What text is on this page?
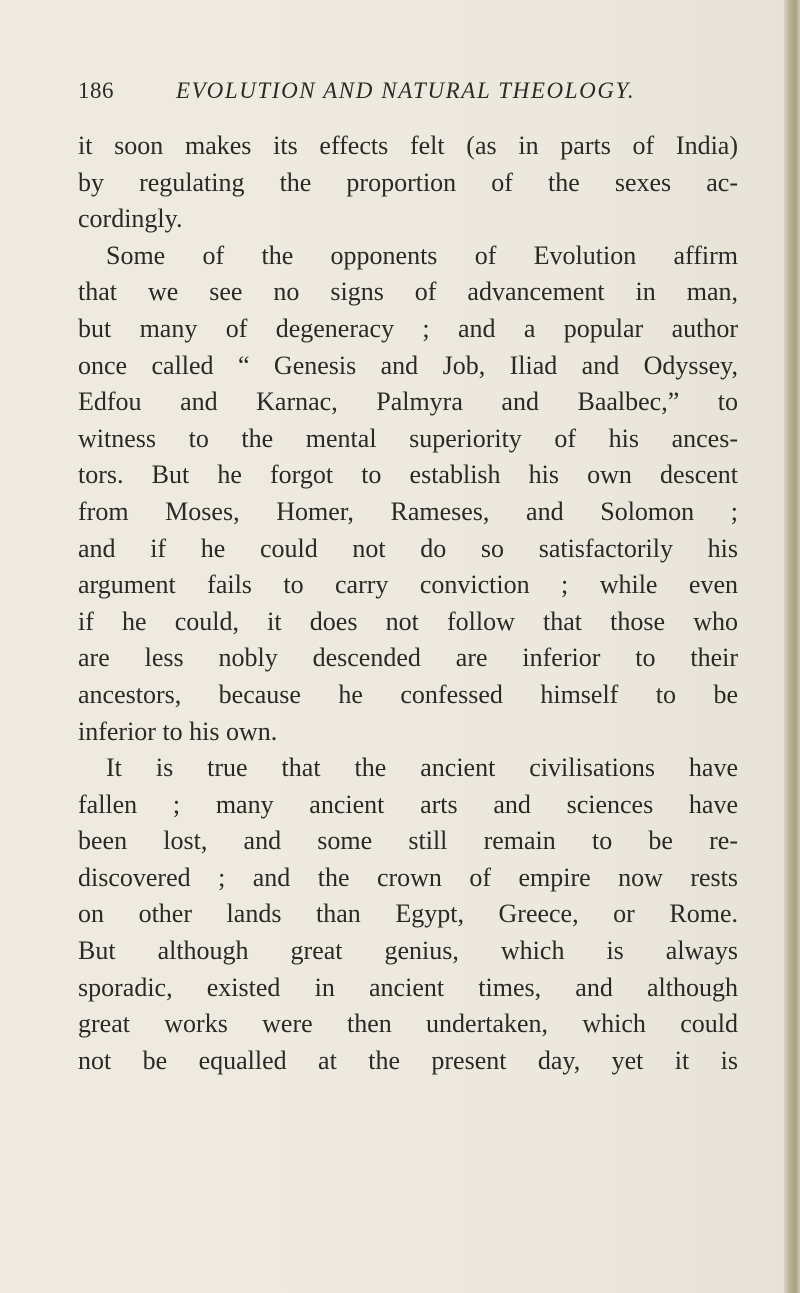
186	EVOLUTION AND NATURAL THEOLOGY.
it soon makes its effects felt (as in parts of India)
by regulating the proportion of the sexes ac-
cordingly.
Some of the opponents of Evolution affirm
that we see no signs of advancement in man,
but many of degeneracy ; and a popular author
once called “ Genesis and Job, Iliad and Odyssey,
Edfou and Karnac, Palmyra and Baalbec,” to
witness to the mental superiority of his ances-
tors. But he forgot to establish his own descent
from Moses, Homer, Rameses, and Solomon ;
and if he could not do so satisfactorily his
argument fails to carry conviction ; while even
if he could, it does not follow that those who
are less nobly descended are inferior to their
ancestors, because he confessed himself to be
inferior to his own.
It is true that the ancient civilisations have
fallen ; many ancient arts and sciences have
been lost, and some still remain to be re-
discovered ; and the crown of empire now rests
on other lands than Egypt, Greece, or Rome.
But although great genius, which is always
sporadic, existed in ancient times, and although
great works were then undertaken, which could
not be equalled at the present day, yet it is
